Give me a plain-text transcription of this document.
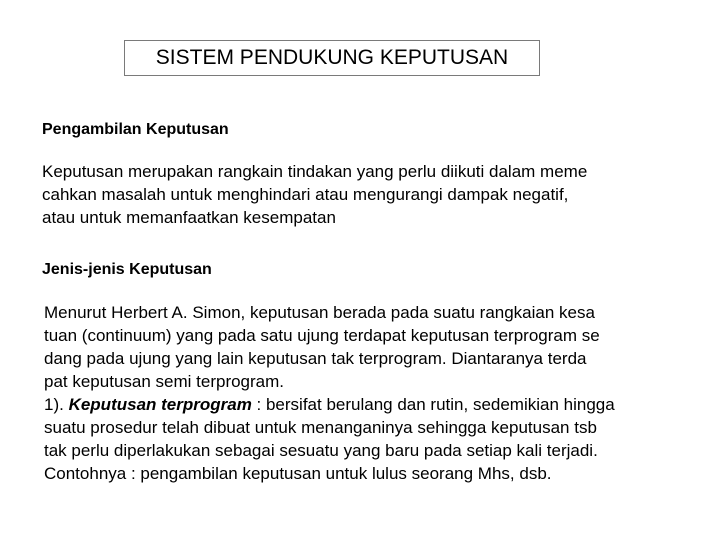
SISTEM PENDUKUNG KEPUTUSAN
Pengambilan Keputusan
Keputusan merupakan rangkain tindakan yang perlu diikuti dalam meme
cahkan masalah untuk menghindari atau mengurangi dampak negatif,
atau untuk memanfaatkan kesempatan
Jenis-jenis Keputusan
Menurut Herbert A. Simon, keputusan berada pada suatu rangkaian kesa
tuan (continuum) yang pada satu ujung terdapat keputusan terprogram se
dang pada ujung yang lain keputusan tak terprogram. Diantaranya terda
pat keputusan semi terprogram.
1). Keputusan terprogram : bersifat berulang dan rutin, sedemikian hingga
suatu prosedur telah dibuat untuk menanganinya sehingga keputusan tsb
tak perlu diperlakukan sebagai sesuatu yang baru pada setiap kali terjadi.
Contohnya : pengambilan keputusan untuk lulus seorang Mhs, dsb.
